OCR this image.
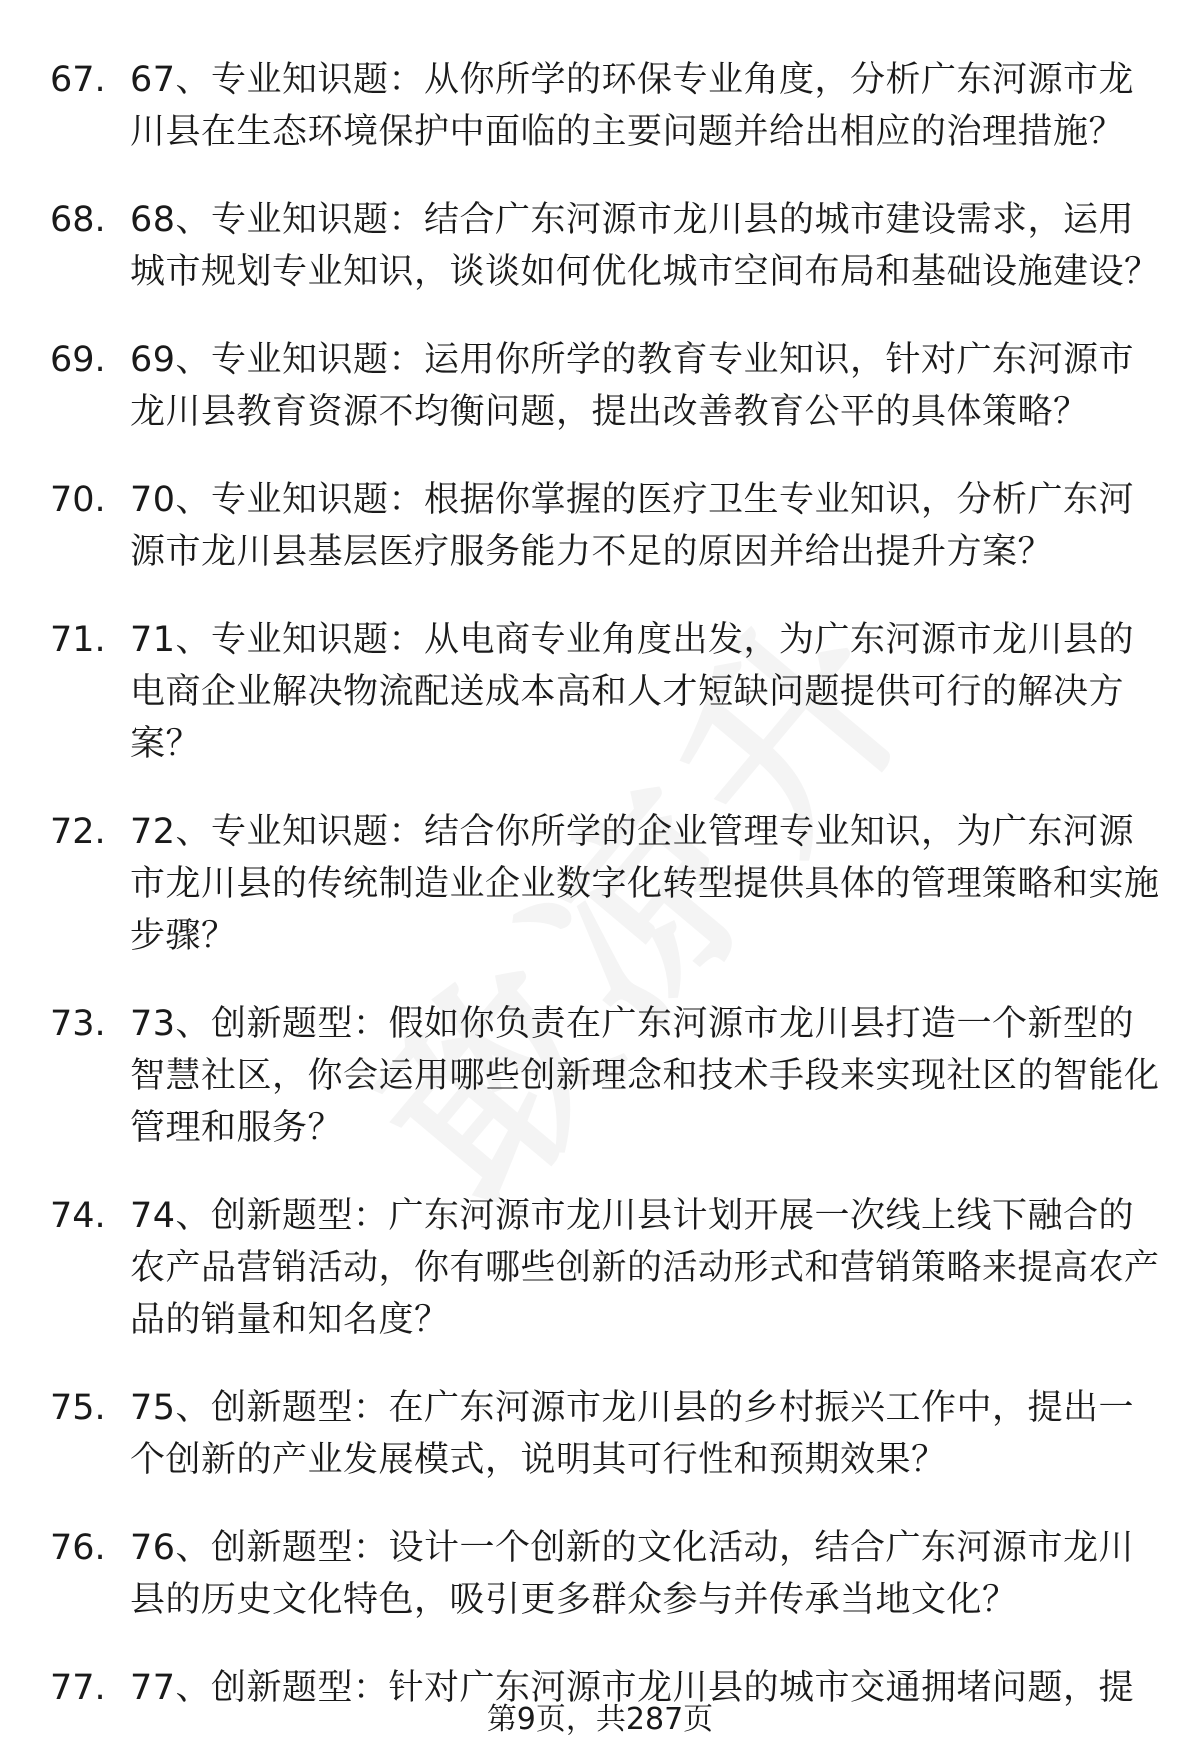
67. 67、专业知识题：从你所学的环保专业角度，分析广东河源市龙川县在生态环境保护中面临的主要问题并给出相应的治理措施？
68. 68、专业知识题：结合广东河源市龙川县的城市建设需求，运用城市规划专业知识，谈谈如何优化城市空间布局和基础设施建设？
69. 69、专业知识题：运用你所学的教育专业知识，针对广东河源市龙川县教育资源不均衡问题，提出改善教育公平的具体策略？
70. 70、专业知识题：根据你掌握的医疗卫生专业知识，分析广东河源市龙川县基层医疗服务能力不足的原因并给出提升方案？
71. 71、专业知识题：从电商专业角度出发，为广东河源市龙川县的电商企业解决物流配送成本高和人才短缺问题提供可行的解决方案？
72. 72、专业知识题：结合你所学的企业管理专业知识，为广东河源市龙川县的传统制造业企业数字化转型提供具体的管理策略和实施步骤？
73. 73、创新题型：假如你负责在广东河源市龙川县打造一个新型的智慧社区，你会运用哪些创新理念和技术手段来实现社区的智能化管理和服务？
74. 74、创新题型：广东河源市龙川县计划开展一次线上线下融合的农产品营销活动，你有哪些创新的活动形式和营销策略来提高农产品的销量和知名度？
75. 75、创新题型：在广东河源市龙川县的乡村振兴工作中，提出一个创新的产业发展模式，说明其可行性和预期效果？
76. 76、创新题型：设计一个创新的文化活动，结合广东河源市龙川县的历史文化特色，吸引更多群众参与并传承当地文化？
77. 77、创新题型：针对广东河源市龙川县的城市交通拥堵问题，提
第9页，共287页
